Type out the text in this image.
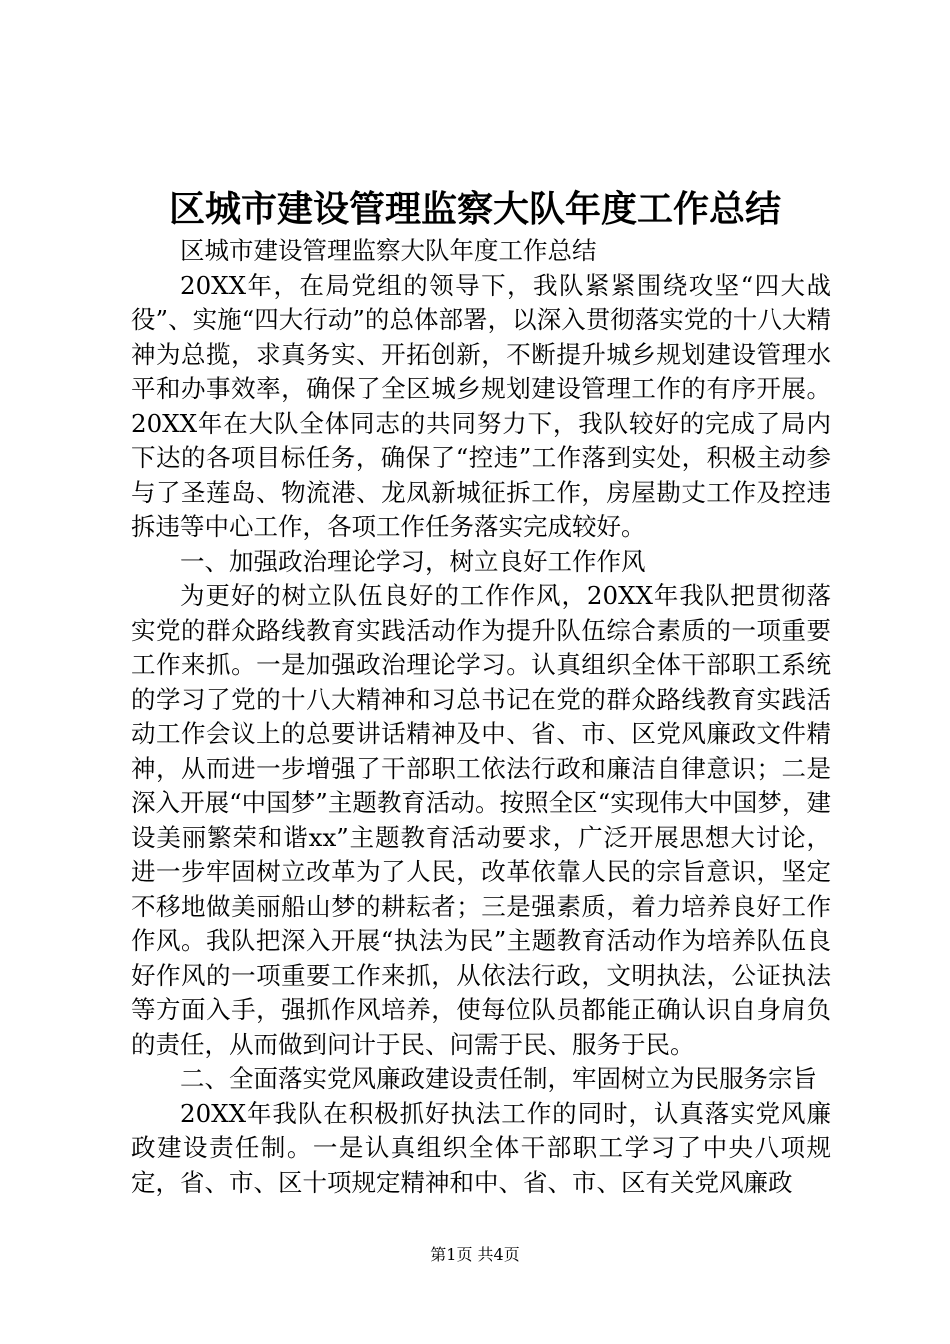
区城市建设管理监察大队年度工作总结

区城市建设管理监察大队年度工作总结

20XX年，在局党组的领导下，我队紧紧围绕攻坚“四大战役”、实施“四大行动”的总体部署，以深入贯彻落实党的十八大精神为总揽，求真务实、开拓创新，不断提升城乡规划建设管理水平和办事效率，确保了全区城乡规划建设管理工作的有序开展。20XX年在大队全体同志的共同努力下，我队较好的完成了局内下达的各项目标任务，确保了“控违”工作落到实处，积极主动参与了圣莲岛、物流港、龙凤新城征拆工作，房屋勘丈工作及控违拆违等中心工作，各项工作任务落实完成较好。

一、加强政治理论学习，树立良好工作作风

为更好的树立队伍良好的工作作风，20XX年我队把贯彻落实党的群众路线教育实践活动作为提升队伍综合素质的一项重要工作来抓。一是加强政治理论学习。认真组织全体干部职工系统的学习了党的十八大精神和习总书记在党的群众路线教育实践活动工作会议上的总要讲话精神及中、省、市、区党风廉政文件精神，从而进一步增强了干部职工依法行政和廉洁自律意识；二是深入开展“中国梦”主题教育活动。按照全区“实现伟大中国梦，建设美丽繁荣和谐xx”主题教育活动要求，广泛开展思想大讨论，进一步牢固树立改革为了人民，改革依靠人民的宗旨意识，坚定不移地做美丽船山梦的耕耘者；三是强素质，着力培养良好工作作风。我队把深入开展“执法为民”主题教育活动作为培养队伍良好作风的一项重要工作来抓，从依法行政，文明执法，公证执法等方面入手，强抓作风培养，使每位队员都能正确认识自身肩负的责任，从而做到问计于民、问需于民、服务于民。

二、全面落实党风廉政建设责任制，牢固树立为民服务宗旨

20XX年我队在积极抓好执法工作的同时，认真落实党风廉政建设责任制。一是认真组织全体干部职工学习了中央八项规定，省、市、区十项规定精神和中、省、市、区有关党风廉政

第1页 共4页
